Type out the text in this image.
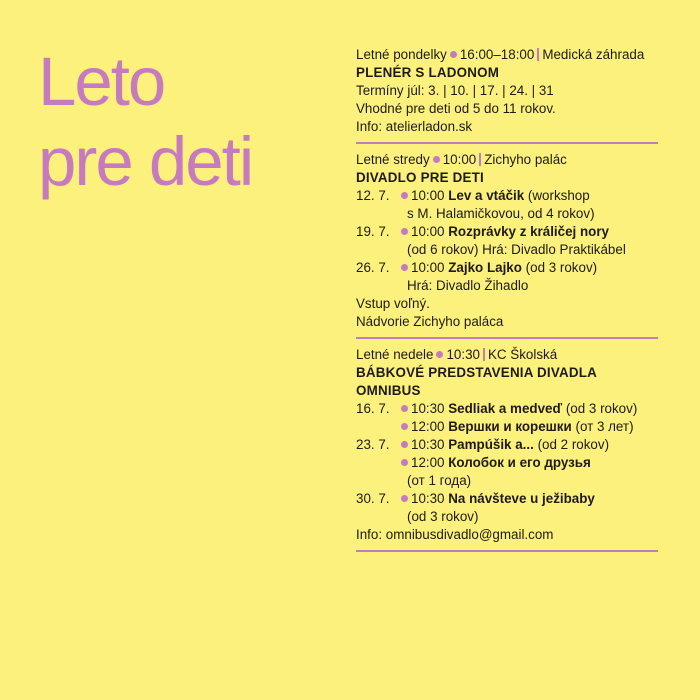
Leto
pre deti
Letné pondelky 16:00–18:00 Medická záhrada
PLENÉR S LADONOM
Termíny júl: 3. | 10. | 17. | 24. | 31
Vhodné pre deti od 5 do 11 rokov.
Info: atelierladon.sk
Letné stredy 10:00 Zichyho palác
DIVADLO PRE DETI
12. 7.	10:00 Lev a vtáčik (workshop
s M. Halamičkovou, od 4 rokov)
19. 7.	10:00 Rozprávky z králičej nory
(od 6 rokov) Hrá: Divadlo Praktikábel
26. 7.	10:00 Zajko Lajko (od 3 rokov)
Hrá: Divadlo Žihadlo
Vstup voľný.
Nádvorie Zichyho paláca
Letné nedele 10:30 KC Školská
BÁBKOVÉ PREDSTAVENIA DIVADLA
OMNIBUS
16. 7.	10:30 Sedliak a medveď (od 3 rokov)
12:00 Вершки и корешки (от 3 лет)
23. 7.	10:30 Pampúšik a... (od 2 rokov)
12:00 Колобок и его друзья
(от 1 года)
30. 7.	10:30 Na návšteve u ježibaby
(od 3 rokov)
Info: omnibusdivadlo@gmail.com
